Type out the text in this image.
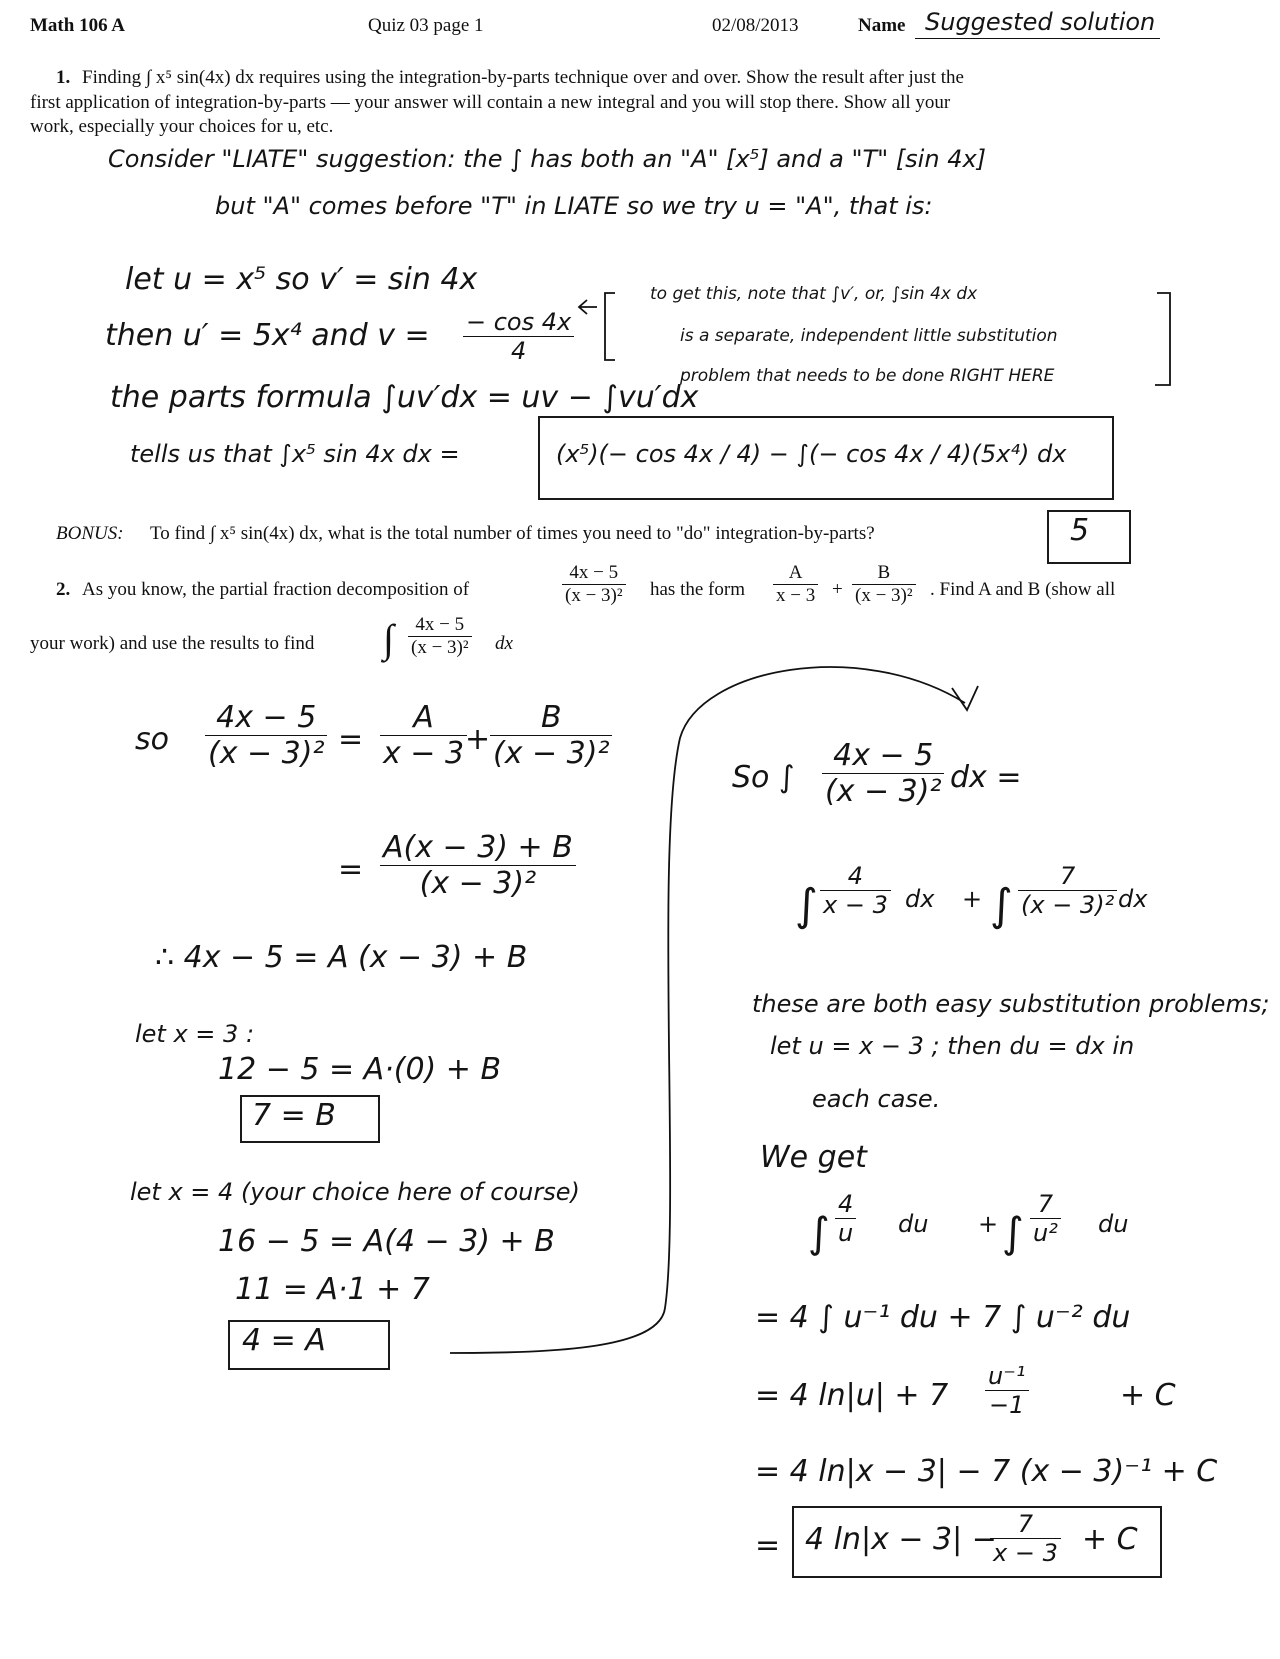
Math 106 A	Quiz 03 page 1	02/08/2013	Name Suggested solution
1. Finding ∫ x⁵ sin(4x) dx requires using the integration-by-parts technique over and over. Show the result after just the
first application of integration-by-parts — your answer will contain a new integral and you will stop there. Show all your
work, especially your choices for u, etc.
Consider "LIATE" suggestion: the ∫ has both an "A" [x⁵] and a "T" [sin 4x]
but "A" comes before "T" in LIATE so we try u = "A", that is:
let u = x⁵ so v′ = sin 4x
then u′ = 5x⁴ and $v = \frac{- \cos 4x}{4}$
the parts formula ∫uv′dx = uv − ∫vu′dx
tells us that ∫x⁵ sin 4x dx =	(x⁵)(− cos 4x / 4) − ∫(− cos 4x / 4)(5x⁴) dx
to get this, note that ∫v′, or, ∫sin 4x dx
is a separate, independent little substitution
problem that needs to be done RIGHT HERE
BONUS: To find ∫ x⁵ sin(4x) dx, what is the total number of times you need to "do" integration-by-parts?	5
2. As you know, the partial fraction decomposition of	$\frac{4x - 5}{\text{(x − 3)²}}$ has the form $\frac{A}{x - 3} + \frac{B}{\text{(x − 3)²}}$ . Find A and B (show all
your work) and use the results to find ∫ $\frac{4x - 5}{\text{(x − 3)²}}$ dx
so $\frac{4x - 5}{\text{(x − 3)²}} = \frac{A}{x - 3}$
+ $\frac{B}{\text{(x − 3)²}}$
= $\frac{A(x - 3) + B}{\text{(x − 3)²}}$
∴ 4x − 5 = A (x − 3) + B
let x = 3 :
12 − 5 = A·(0) + B
7 = B
let x = 4 (your choice here of course)
16 − 5 = A(4 − 3) + B
11 = A·1 + 7
4 = A
So ∫ $\frac{4x - 5}{\text{(x − 3)²}}$ dx =
∫ $\frac{4}{x - 3}$ dx + ∫ $\frac{7}{\text{(x − 3)²}}$ dx
these are both easy substitution problems;
let u = x − 3 ; then du = dx in
each case.
We get
∫ $\frac{4}{u}$ du + ∫ $\frac{7}{\text{u²}}$ du
= 4 ∫ u⁻¹ du + 7 ∫ u⁻² du
= 4 $\ln|u| + 7 \frac{\text{u⁻¹}}{-1}$	+ C
= 4 ln|x − 3| − 7 (x − 3)⁻¹ + C
= 4 ln|x − 3| −
$\frac{7}{x - 3} + C$
